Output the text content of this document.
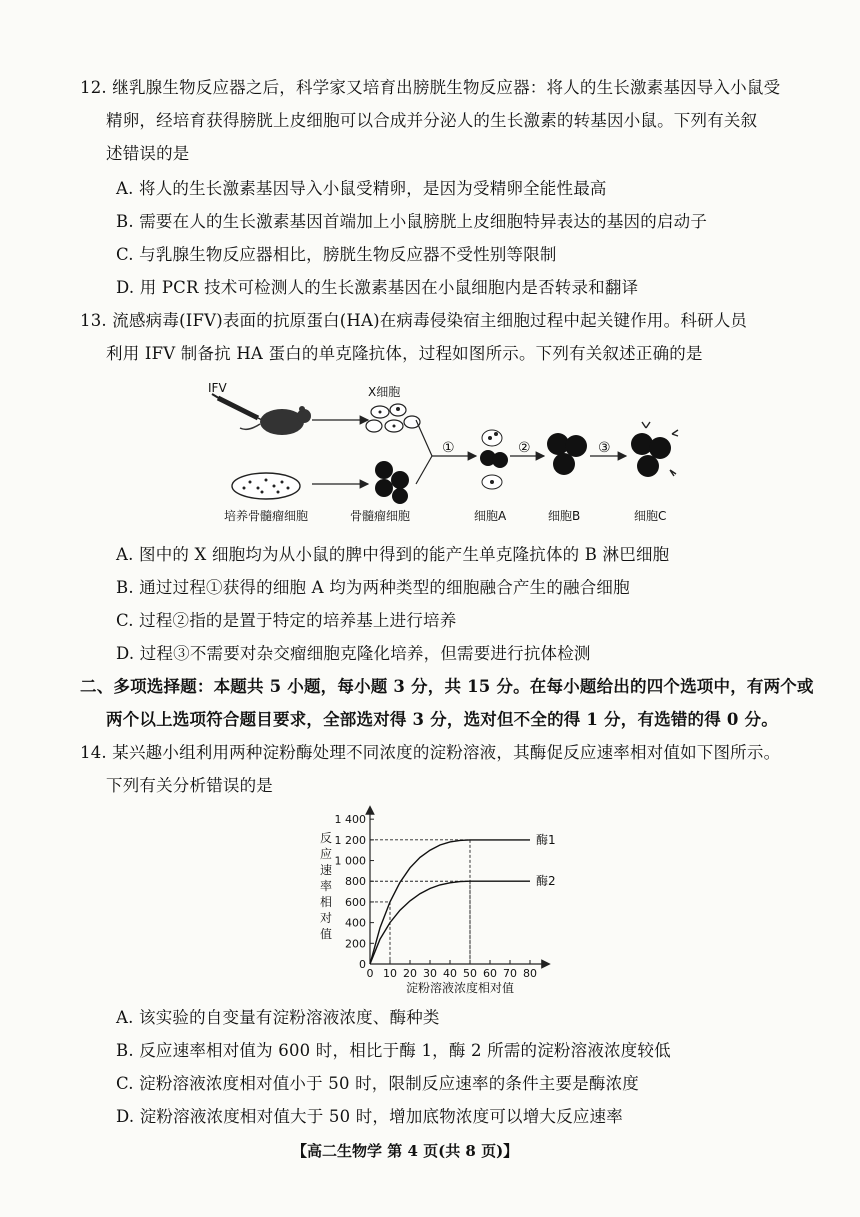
12. 继乳腺生物反应器之后，科学家又培育出膀胱生物反应器：将人的生长激素基因导入小鼠受
精卵，经培育获得膀胱上皮细胞可以合成并分泌人的生长激素的转基因小鼠。下列有关叙
述错误的是
A. 将人的生长激素基因导入小鼠受精卵，是因为受精卵全能性最高
B. 需要在人的生长激素基因首端加上小鼠膀胱上皮细胞特异表达的基因的启动子
C. 与乳腺生物反应器相比，膀胱生物反应器不受性别等限制
D. 用 PCR 技术可检测人的生长激素基因在小鼠细胞内是否转录和翻译
13. 流感病毒(IFV)表面的抗原蛋白(HA)在病毒侵染宿主细胞过程中起关键作用。科研人员
利用 IFV 制备抗 HA 蛋白的单克隆抗体，过程如图所示。下列有关叙述正确的是
IFV	X细胞
①	②	③
培养骨髓瘤细胞	骨髓瘤细胞	细胞A	细胞B	细胞C
A. 图中的 X 细胞均为从小鼠的脾中得到的能产生单克隆抗体的 B 淋巴细胞
B. 通过过程①获得的细胞 A 均为两种类型的细胞融合产生的融合细胞
C. 过程②指的是置于特定的培养基上进行培养
D. 过程③不需要对杂交瘤细胞克隆化培养，但需要进行抗体检测
二、多项选择题：本题共 5 小题，每小题 3 分，共 15 分。在每小题给出的四个选项中，有两个或
两个以上选项符合题目要求，全部选对得 3 分，选对但不全的得 1 分，有选错的得 0 分。
14. 某兴趣小组利用两种淀粉酶处理不同浓度的淀粉溶液，其酶促反应速率相对值如下图所示。
下列有关分析错误的是
0
200
400
600
800
1 000
1 200
1 400
0 10 20 30 40 50 60 70 80
反
应
速
率
相
对
值
淀粉溶液浓度相对值
酶1
酶2
A. 该实验的自变量有淀粉溶液浓度、酶种类
B. 反应速率相对值为 600 时，相比于酶 1，酶 2 所需的淀粉溶液浓度较低
C. 淀粉溶液浓度相对值小于 50 时，限制反应速率的条件主要是酶浓度
D. 淀粉溶液浓度相对值大于 50 时，增加底物浓度可以增大反应速率
【高二生物学 第 4 页(共 8 页)】
